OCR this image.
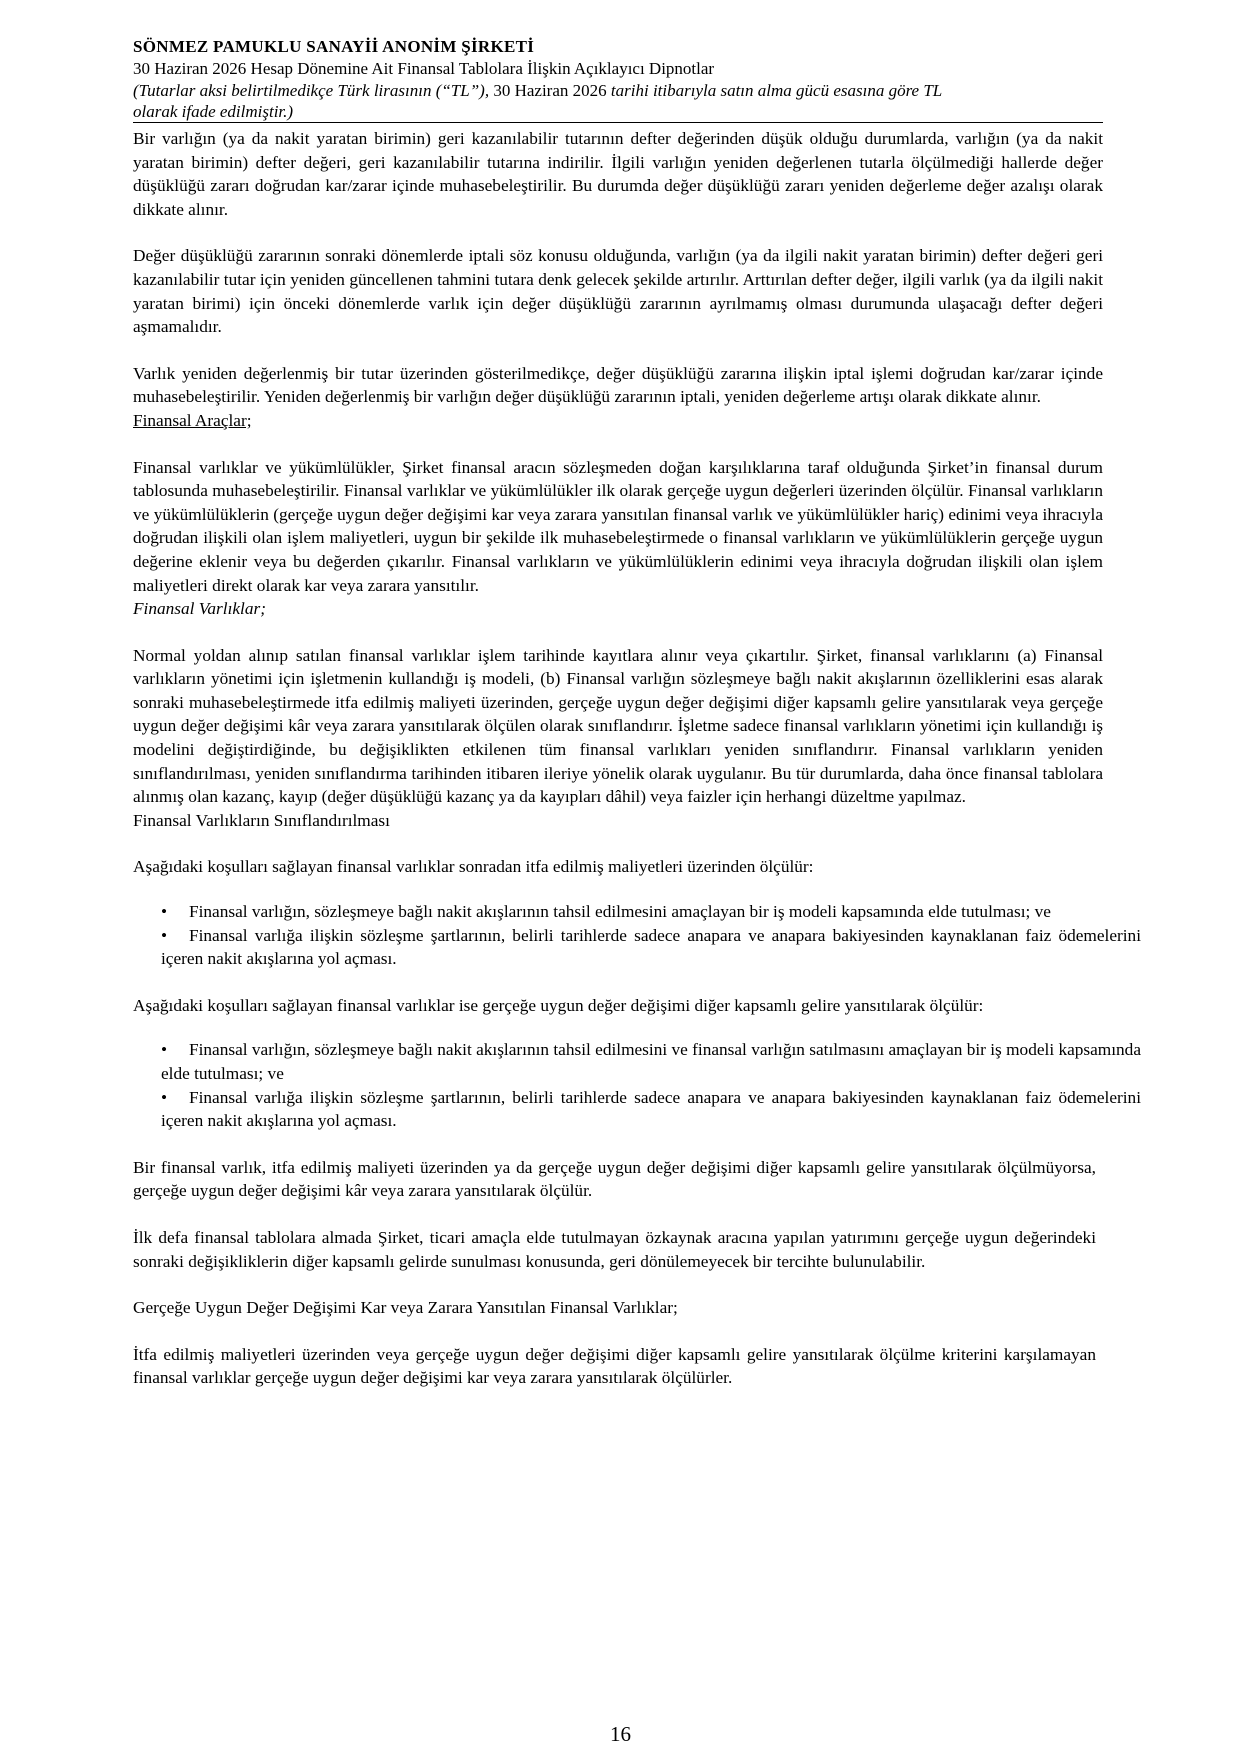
SÖNMEZ PAMUKLU SANAYİİ ANONİM ŞİRKETİ
30 Haziran 2026 Hesap Dönemine Ait Finansal Tablolara İlişkin Açıklayıcı Dipnotlar
(Tutarlar aksi belirtilmedikçe Türk lirasının (“TL”), 30 Haziran 2026 tarihi itibarıyla satın alma gücü esasına göre TL
olarak ifade edilmiştir.)

Bir varlığın (ya da nakit yaratan birimin) geri kazanılabilir tutarının defter değerinden düşük olduğu durumlarda, varlığın (ya da nakit yaratan birimin) defter değeri, geri kazanılabilir tutarına indirilir. İlgili varlığın yeniden değerlenen tutarla ölçülmediği hallerde değer düşüklüğü zararı doğrudan kar/zarar içinde muhasebeleştirilir. Bu durumda değer düşüklüğü zararı yeniden değerleme değer azalışı olarak dikkate alınır.

Değer düşüklüğü zararının sonraki dönemlerde iptali söz konusu olduğunda, varlığın (ya da ilgili nakit yaratan birimin) defter değeri geri kazanılabilir tutar için yeniden güncellenen tahmini tutara denk gelecek şekilde artırılır. Arttırılan defter değer, ilgili varlık (ya da ilgili nakit yaratan birimi) için önceki dönemlerde varlık için değer düşüklüğü zararının ayrılmamış olması durumunda ulaşacağı defter değeri aşmamalıdır.

Varlık yeniden değerlenmiş bir tutar üzerinden gösterilmedikçe, değer düşüklüğü zararına ilişkin iptal işlemi doğrudan kar/zarar içinde muhasebeleştirilir. Yeniden değerlenmiş bir varlığın değer düşüklüğü zararının iptali, yeniden değerleme artışı olarak dikkate alınır.

Finansal Araçlar;

Finansal varlıklar ve yükümlülükler, Şirket finansal aracın sözleşmeden doğan karşılıklarına taraf olduğunda Şirket’in finansal durum tablosunda muhasebeleştirilir. Finansal varlıklar ve yükümlülükler ilk olarak gerçeğe uygun değerleri üzerinden ölçülür. Finansal varlıkların ve yükümlülüklerin (gerçeğe uygun değer değişimi kar veya zarara yansıtılan finansal varlık ve yükümlülükler hariç) edinimi veya ihracıyla doğrudan ilişkili olan işlem maliyetleri, uygun bir şekilde ilk muhasebeleştirmede o finansal varlıkların ve yükümlülüklerin gerçeğe uygun değerine eklenir veya bu değerden çıkarılır. Finansal varlıkların ve yükümlülüklerin edinimi veya ihracıyla doğrudan ilişkili olan işlem maliyetleri direkt olarak kar veya zarara yansıtılır.

Finansal Varlıklar;

Normal yoldan alınıp satılan finansal varlıklar işlem tarihinde kayıtlara alınır veya çıkartılır. Şirket, finansal varlıklarını (a) Finansal varlıkların yönetimi için işletmenin kullandığı iş modeli, (b) Finansal varlığın sözleşmeye bağlı nakit akışlarının özelliklerini esas alarak sonraki muhasebeleştirmede itfa edilmiş maliyeti üzerinden, gerçeğe uygun değer değişimi diğer kapsamlı gelire yansıtılarak veya gerçeğe uygun değer değişimi kâr veya zarara yansıtılarak ölçülen olarak sınıflandırır. İşletme sadece finansal varlıkların yönetimi için kullandığı iş modelini değiştirdiğinde, bu değişiklikten etkilenen tüm finansal varlıkları yeniden sınıflandırır. Finansal varlıkların yeniden sınıflandırılması, yeniden sınıflandırma tarihinden itibaren ileriye yönelik olarak uygulanır. Bu tür durumlarda, daha önce finansal tablolara alınmış olan kazanç, kayıp (değer düşüklüğü kazanç ya da kayıpları dâhil) veya faizler için herhangi düzeltme yapılmaz.

Finansal Varlıkların Sınıflandırılması

Aşağıdaki koşulları sağlayan finansal varlıklar sonradan itfa edilmiş maliyetleri üzerinden ölçülür:

• Finansal varlığın, sözleşmeye bağlı nakit akışlarının tahsil edilmesini amaçlayan bir iş modeli kapsamında elde tutulması; ve
• Finansal varlığa ilişkin sözleşme şartlarının, belirli tarihlerde sadece anapara ve anapara bakiyesinden kaynaklanan faiz ödemelerini içeren nakit akışlarına yol açması.

Aşağıdaki koşulları sağlayan finansal varlıklar ise gerçeğe uygun değer değişimi diğer kapsamlı gelire yansıtılarak ölçülür:

• Finansal varlığın, sözleşmeye bağlı nakit akışlarının tahsil edilmesini ve finansal varlığın satılmasını amaçlayan bir iş modeli kapsamında elde tutulması; ve
• Finansal varlığa ilişkin sözleşme şartlarının, belirli tarihlerde sadece anapara ve anapara bakiyesinden kaynaklanan faiz ödemelerini içeren nakit akışlarına yol açması.

Bir finansal varlık, itfa edilmiş maliyeti üzerinden ya da gerçeğe uygun değer değişimi diğer kapsamlı gelire yansıtılarak ölçülmüyorsa, gerçeğe uygun değer değişimi kâr veya zarara yansıtılarak ölçülür.

İlk defa finansal tablolara almada Şirket, ticari amaçla elde tutulmayan özkaynak aracına yapılan yatırımını gerçeğe uygun değerindeki sonraki değişikliklerin diğer kapsamlı gelirde sunulması konusunda, geri dönülemeyecek bir tercihte bulunulabilir.

Gerçeğe Uygun Değer Değişimi Kar veya Zarara Yansıtılan Finansal Varlıklar;

İtfa edilmiş maliyetleri üzerinden veya gerçeğe uygun değer değişimi diğer kapsamlı gelire yansıtılarak ölçülme kriterini karşılamayan finansal varlıklar gerçeğe uygun değer değişimi kar veya zarara yansıtılarak ölçülürler.

16
